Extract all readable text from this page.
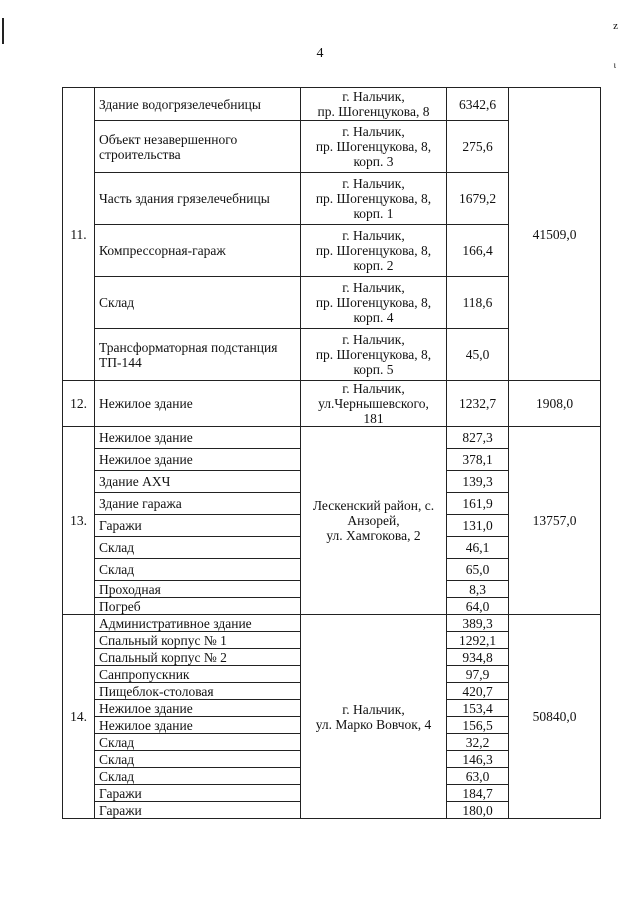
z
ι
4
11.	Здание водогрязелечебницы	г. Нальчик,
пр. Шогенцукова, 8	6342,6	41509,0
	Объект незавершенного строительства	г. Нальчик,
пр. Шогенцукова, 8,
корп. 3	275,6	
	Часть здания грязелечебницы	г. Нальчик,
пр. Шогенцукова, 8,
корп. 1	1679,2	
	Компрессорная-гараж	г. Нальчик,
пр. Шогенцукова, 8,
корп. 2	166,4	
	Склад	г. Нальчик,
пр. Шогенцукова, 8,
корп. 4	118,6	
	Трансформаторная подстанция ТП-144	г. Нальчик,
пр. Шогенцукова, 8,
корп. 5	45,0	
12.	Нежилое здание	г. Нальчик,
ул.Чернышевского,
181	1232,7	1908,0
13.	Нежилое здание	Лескенский район, с. Анзорей,
ул. Хамгокова, 2	827,3	13757,0
	Нежилое здание		378,1	
	Здание АХЧ		139,3	
	Здание гаража		161,9	
	Гаражи		131,0	
	Склад		46,1	
	Склад		65,0	
	Проходная		8,3	
	Погреб		64,0	
14.	Административное здание	г. Нальчик,
ул. Марко Вовчок, 4	389,3	50840,0
	Спальный корпус № 1		1292,1	
	Спальный корпус № 2		934,8	
	Санпропускник		97,9	
	Пищеблок-столовая		420,7	
	Нежилое здание		153,4	
	Нежилое здание		156,5	
	Склад		32,2	
	Склад		146,3	
	Склад		63,0	
	Гаражи		184,7	
	Гаражи		180,0	
